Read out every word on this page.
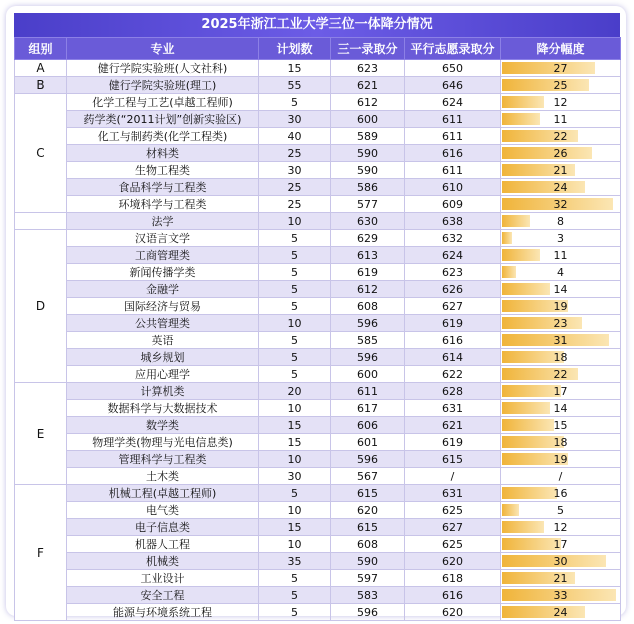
2025年浙江工业大学三位一体降分情况
组别	专业	计划数	三一录取分	平行志愿录取分	降分幅度
A	健行学院实验班(人文社科)	15	623	650	27
B	健行学院实验班(理工)	55	621	646	25
C	化学工程与工艺(卓越工程师)	5	612	624	12
	药学类(“2011计划”创新实验区)	30	600	611	11
	化工与制药类(化学工程类)	40	589	611	22
	材料类	25	590	616	26
	生物工程类	30	590	611	21
	食品科学与工程类	25	586	610	24
	环境科学与工程类	25	577	609	32
	法学	10	630	638	8
D	汉语言文学	5	629	632	3
	工商管理类	5	613	624	11
	新闻传播学类	5	619	623	4
	金融学	5	612	626	14
	国际经济与贸易	5	608	627	19
	公共管理类	10	596	619	23
	英语	5	585	616	31
	城乡规划	5	596	614	18
	应用心理学	5	600	622	22
E	计算机类	20	611	628	17
	数据科学与大数据技术	10	617	631	14
	数学类	15	606	621	15
	物理学类(物理与光电信息类)	15	601	619	18
	管理科学与工程类	10	596	615	19
	土木类	30	567	/	/
F	机械工程(卓越工程师)	5	615	631	16
	电气类	10	620	625	5
	电子信息类	15	615	627	12
	机器人工程	10	608	625	17
	机械类	35	590	620	30
	工业设计	5	597	618	21
	安全工程	5	583	616	33
	能源与环境系统工程	5	596	620	24
